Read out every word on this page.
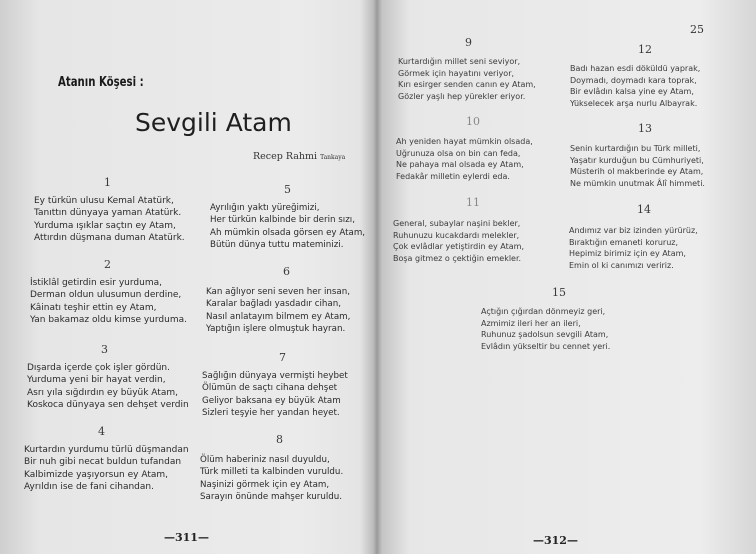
Atanın Köşesi :
Sevgili Atam
Recep Rahmi Tankaya
1
Ey türkün ulusu Kemal Atatürk,
Tanıttın dünyaya yaman Atatürk.
Yurduma ışıklar saçtın ey Atam,
Attırdın düşmana duman Atatürk.
2
İstiklâl getirdin esir yurduma,
Derman oldun ulusumun derdine,
Kâinatı teşhir ettin ey Atam,
Yan bakamaz oldu kimse yurduma.
3
Dışarda içerde çok işler gördün.
Yurduma yeni bir hayat verdin,
Asrı yıla sığdırdın ey büyük Atam,
Koskoca dünyaya sen dehşet verdin
4
Kurtardın yurdumu türlü düşmandan
Bir nuh gibi necat buldun tufandan
Kalbimizde yaşıyorsun ey Atam,
Ayrıldın ise de fani cihandan.
5
Ayrılığın yaktı yüreğimizi,
Her türkün kalbinde bir derin sızı,
Ah mümkin olsada görsen ey Atam,
Bütün dünya tuttu mateminizi.
6
Kan ağlıyor seni seven her insan,
Karalar bağladı yasdadır cihan,
Nasıl anlatayım bilmem ey Atam,
Yaptığın işlere olmuştuk hayran.
7
Sağlığın dünyaya vermişti heybet
Ölümün de saçtı cihana dehşet
Geliyor baksana ey büyük Atam
Sizleri teşyie her yandan heyet.
8
Ölüm haberiniz nasıl duyuldu,
Türk milleti ta kalbinden vuruldu.
Naşinizi görmek için ey Atam,
Sarayın önünde mahşer kuruldu.
—311—
25
9
Kurtardığın millet seni seviyor,
Görmek için hayatını veriyor,
Kırı esirger senden canın ey Atam,
Gözler yaşlı hep yürekler eriyor.
10
Ah yeniden hayat mümkin olsada,
Uğrunuza olsa on bin can feda,
Ne pahaya mal olsada ey Atam,
Fedakâr milletin eylerdi eda.
11
General, subaylar naşini bekler,
Ruhunuzu kucakdardı melekler,
Çok evlâdlar yetiştirdin ey Atam,
Boşa gitmez o çektiğin emekler.
12
Badı hazan esdi döküldü yaprak,
Doymadı, doymadı kara toprak,
Bir evlâdın kalsa yine ey Atam,
Yükselecek arşa nurlu Albayrak.
13
Senin kurtardığın bu Türk milleti,
Yaşatır kurduğun bu Cümhuriyeti,
Müsterih ol makberinde ey Atam,
Ne mümkin unutmak Âlî himmeti.
14
Andımız var biz izinden yürürüz,
Bıraktığın emaneti koruruz,
Hepimiz birimiz için ey Atam,
Emin ol ki canımızı veririz.
15
Açtığın çığırdan dönmeyiz geri,
Azmimiz ileri her an ileri,
Ruhunuz şadolsun sevgili Atam,
Evlâdın yükseltir bu cennet yeri.
—312—
